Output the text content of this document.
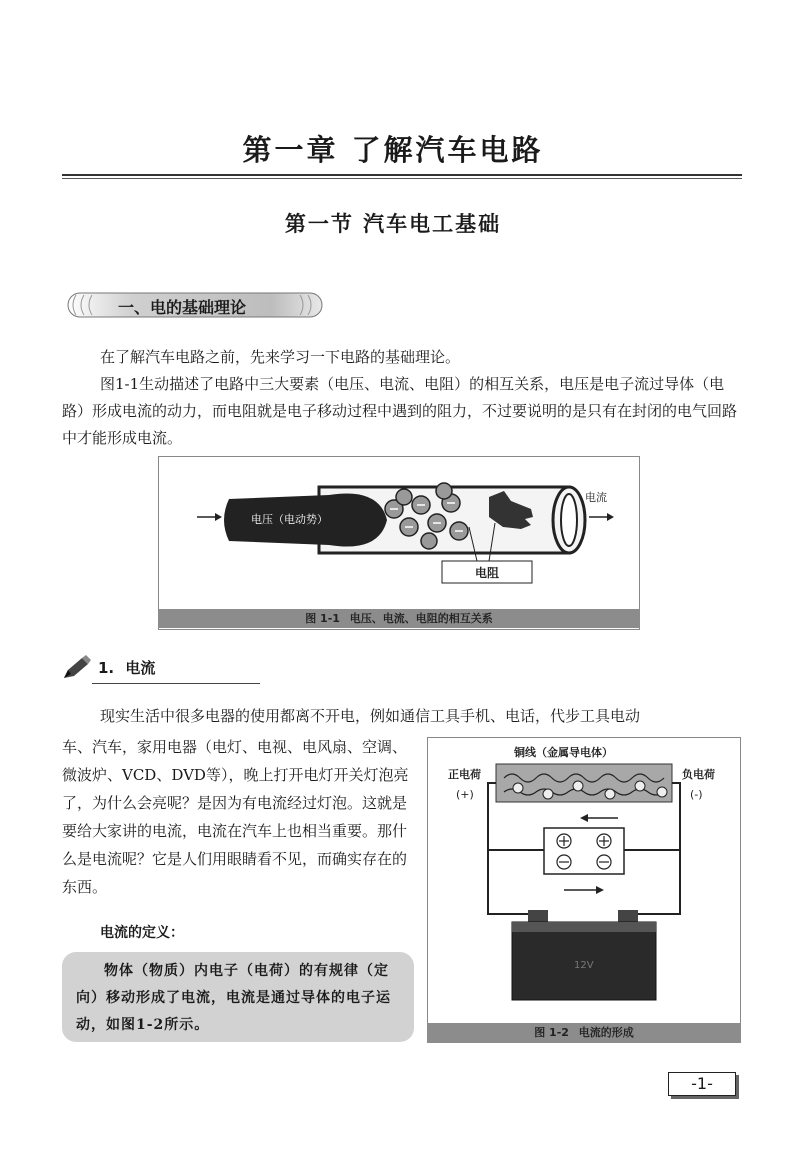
第一章 了解汽车电路
第一节 汽车电工基础
一、电的基础理论
在了解汽车电路之前，先来学习一下电路的基础理论。
图1-1生动描述了电路中三大要素（电压、电流、电阻）的相互关系，电压是电子流过导体（电路）形成电流的动力，而电阻就是电子移动过程中遇到的阻力，不过要说明的是只有在封闭的电气回路中才能形成电流。
电压（电动势）
电流
电阻
图 1-1 电压、电流、电阻的相互关系
1. 电流
现实生活中很多电器的使用都离不开电，例如通信工具手机、电话，代步工具电动
车、汽车，家用电器（电灯、电视、电风扇、空调、微波炉、VCD、DVD等），晚上打开电灯开关灯泡亮了，为什么会亮呢？是因为有电流经过灯泡。这就是要给大家讲的电流，电流在汽车上也相当重要。那什么是电流呢？它是人们用眼睛看不见，而确实存在的东西。
电流的定义：
物体（物质）内电子（电荷）的有规律（定向）移动形成了电流，电流是通过导体的电子运动，如图1-2所示。
铜线（金属导电体）
正电荷
(+)
负电荷
(-)
12V
图 1-2 电流的形成
-1-
